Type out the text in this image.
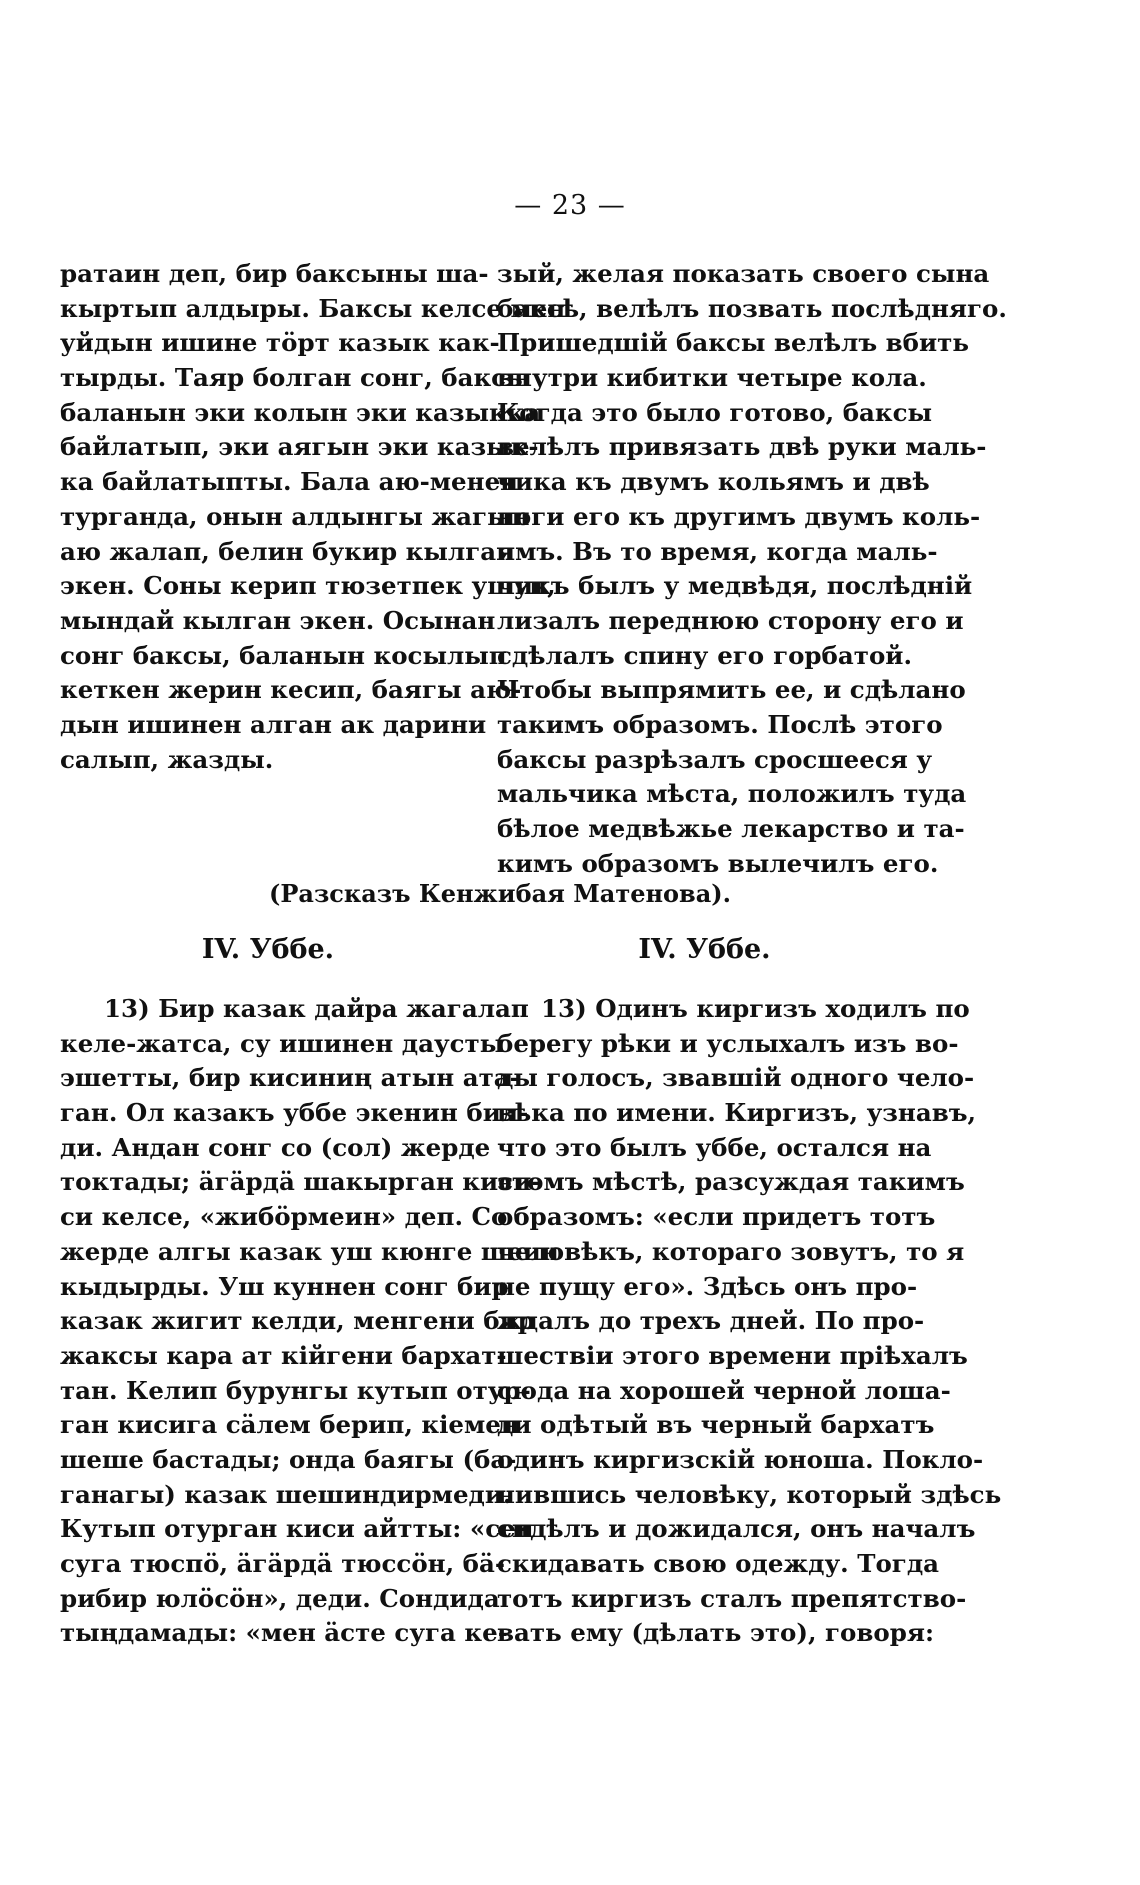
— 23 —
ратаин деп, бир баксыны ша-
кыртып алдыры. Баксы келсе мен
уйдын ишине тöрт казык как-
тырды. Таяр болган сонг, баксы
баланын эки колын эки казыкка
байлатып, эки аягын эки казык-
ка байлатыпты. Бала аю-менен
турганда, онын алдынгы жагын
аю жалап, белин букир кылган
экен. Соны керип тюзетпек ушун,
мындай кылган экен. Осынан
сонг баксы, баланын косылып
кеткен жерин кесип, баягы аю-
дын ишинен алган ак дарини
салып, жазды.
зый, желая показать своего сына
баксѣ, велѣлъ позвать послѣдняго.
Пришедшій баксы велѣлъ вбить
внутри кибитки четыре кола.
Когда это было готово, баксы
велѣлъ привязать двѣ руки маль-
чика къ двумъ кольямъ и двѣ
ноги его къ другимъ двумъ коль-
ямъ. Въ то время, когда маль-
чикъ былъ у медвѣдя, послѣдній
лизалъ переднюю сторону его и
сдѣлалъ спину его горбатой.
Чтобы выпрямить ее, и сдѣлано
такимъ образомъ. Послѣ этого
баксы разрѣзалъ сросшееся у
мальчика мѣста, положилъ туда
бѣлое медвѣжье лекарство и та-
кимъ образомъ вылечилъ его.
(Разсказъ Кенжибая Матенова).
IV. Уббе.	IV. Уббе.
13) Бир казак дайра жагалап
келе-жатса, су ишинен даусты
эшетты, бир кисиниң атын ата-
ган. Ол казакъ уббе экенин бил-
ди. Андан сонг со (сол) жерде
токтады; äгäрдä шакырган киси-
си келсе, «жибöрмеин» деп. Со
жерде алгы казак уш кюнге шеин
кыдырды. Уш куннен сонг бир
казак жигит келди, менгени бир
жаксы кара ат кiйгени бархат-
тан. Келип бурунгы кутып отур-
ган кисига сäлем берип, кiемен
шеше бастады; онда баягы (ба-
ганагы) казак шешиндирмеди.
Кутып отурган киси айтты: «сен
суга тюспö, äгäрдä тюссöн, бä-
рибир юлöсöн», деди. Сондида
тыңдамады: «мен äсте суга ке-
13) Одинъ киргизъ ходилъ по
берегу рѣки и услыхалъ изъ во-
ды голосъ, звавшій одного чело-
вѣка по имени. Киргизъ, узнавъ,
что это былъ уббе, остался на
этомъ мѣстѣ, разсуждая такимъ
образомъ: «если придетъ тотъ
человѣкъ, котораго зовутъ, то я
не пущу его». Здѣсь онъ про-
ждалъ до трехъ дней. По про-
шествіи этого времени пріѣхалъ
сюда на хорошей черной лоша-
ди одѣтый въ черный бархатъ
одинъ киргизскій юноша. Покло-
нившись человѣку, который здѣсь
сидѣлъ и дожидался, онъ началъ
скидавать свою одежду. Тогда
тотъ киргизъ сталъ препятство-
вать ему (дѣлать это), говоря:
